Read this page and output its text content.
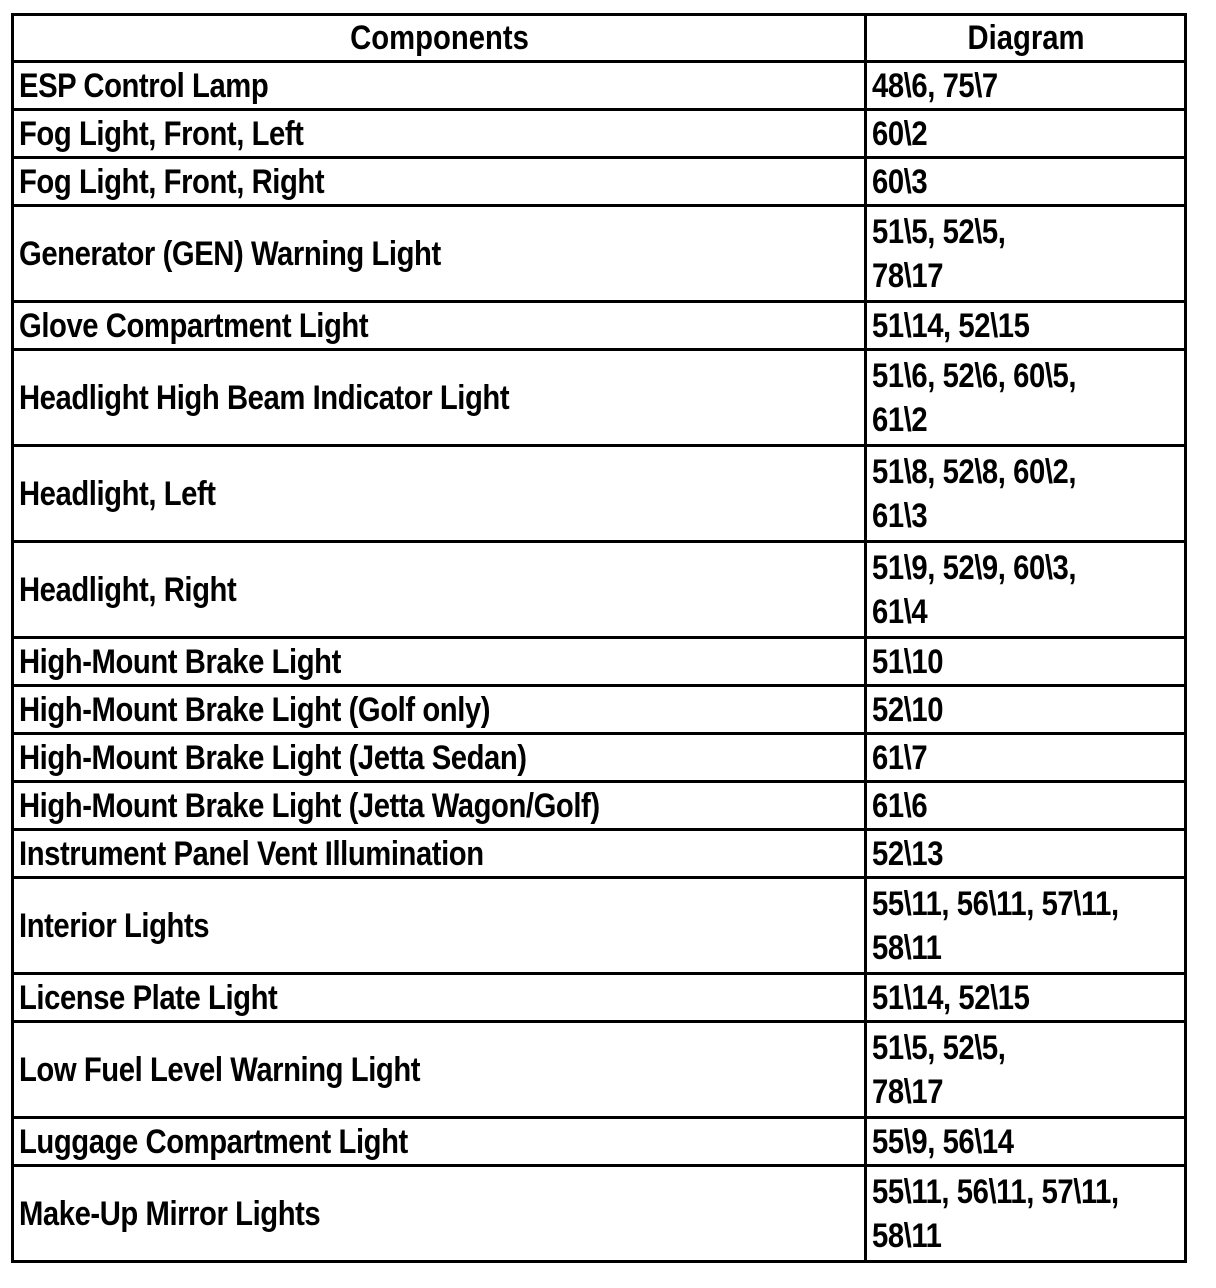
Components	Diagram
ESP Control Lamp	48\6, 75\7
Fog Light, Front, Left	60\2
Fog Light, Front, Right	60\3
Generator (GEN) Warning Light	51\5, 52\5,
78\17
Glove Compartment Light	51\14, 52\15
Headlight High Beam Indicator Light	51\6, 52\6, 60\5,
61\2
Headlight, Left	51\8, 52\8, 60\2,
61\3
Headlight, Right	51\9, 52\9, 60\3,
61\4
High-Mount Brake Light	51\10
High-Mount Brake Light (Golf only)	52\10
High-Mount Brake Light (Jetta Sedan)	61\7
High-Mount Brake Light (Jetta Wagon/Golf)	61\6
Instrument Panel Vent Illumination	52\13
Interior Lights	55\11, 56\11, 57\11,
58\11
License Plate Light	51\14, 52\15
Low Fuel Level Warning Light	51\5, 52\5,
78\17
Luggage Compartment Light	55\9, 56\14
Make-Up Mirror Lights	55\11, 56\11, 57\11,
58\11
